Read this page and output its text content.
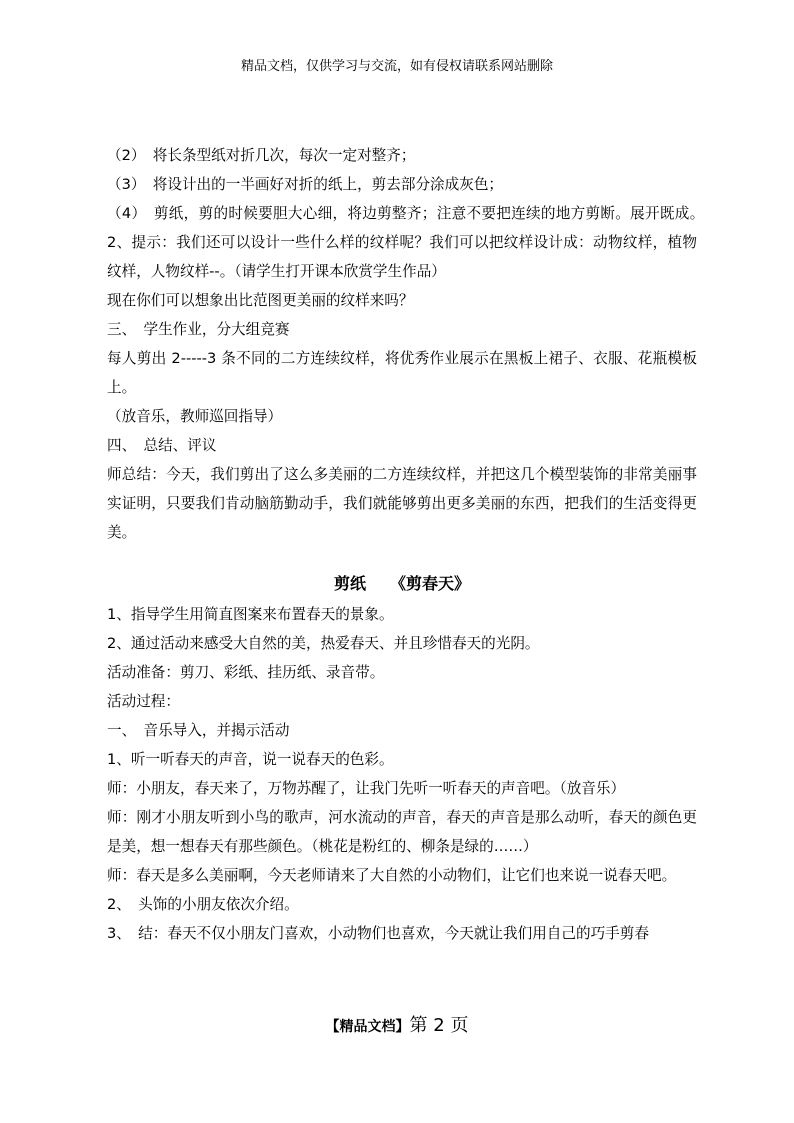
精品文档，仅供学习与交流，如有侵权请联系网站删除

（2）　将长条型纸对折几次，每次一定对整齐；

（3）　将设计出的一半画好对折的纸上，剪去部分涂成灰色；

（4）　剪纸，剪的时候要胆大心细，将边剪整齐；注意不要把连续的地方剪断。展开既成。　2、提示：我们还可以设计一些什么样的纹样呢？我们可以把纹样设计成：动物纹样，植物纹样，人物纹样--。（请学生打开课本欣赏学生作品）

现在你们可以想象出比范图更美丽的纹样来吗？

三、　学生作业，分大组竞赛

每人剪出 2-----3 条不同的二方连续纹样，将优秀作业展示在黑板上裙子、衣服、花瓶模板上。

（放音乐，教师巡回指导）

四、　总结、评议

师总结：今天，我们剪出了这么多美丽的二方连续纹样，并把这几个模型装饰的非常美丽事实证明，只要我们肯动脑筋勤动手，我们就能够剪出更多美丽的东西，把我们的生活变得更美。

剪纸　　《剪春天》

1、指导学生用简直图案来布置春天的景象。

2、通过活动来感受大自然的美，热爱春天、并且珍惜春天的光阴。

活动准备：剪刀、彩纸、挂历纸、录音带。

活动过程：

一、　音乐导入，并揭示活动

1、听一听春天的声音，说一说春天的色彩。

师：小朋友，春天来了，万物苏醒了，让我门先听一听春天的声音吧。（放音乐）

师：刚才小朋友听到小鸟的歌声，河水流动的声音，春天的声音是那么动听，春天的颜色更是美，想一想春天有那些颜色。（桃花是粉红的、柳条是绿的……）

师：春天是多么美丽啊，今天老师请来了大自然的小动物们，让它们也来说一说春天吧。

2、　头饰的小朋友依次介绍。

3、　结：春天不仅小朋友门喜欢，小动物们也喜欢，今天就让我们用自己的巧手剪春

【精品文档】第 2 页
